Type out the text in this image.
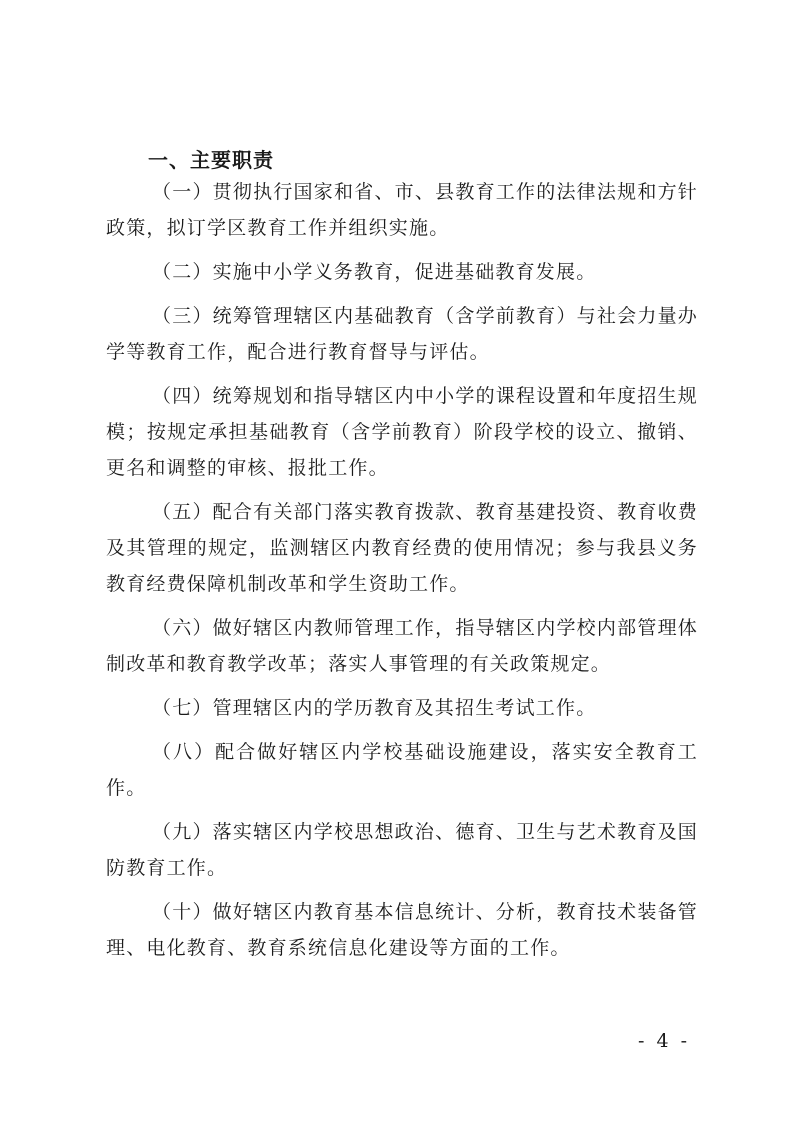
一、主要职责

（一）贯彻执行国家和省、市、县教育工作的法律法规和方针政策，拟订学区教育工作并组织实施。

（二）实施中小学义务教育，促进基础教育发展。

（三）统筹管理辖区内基础教育（含学前教育）与社会力量办学等教育工作，配合进行教育督导与评估。

（四）统筹规划和指导辖区内中小学的课程设置和年度招生规模；按规定承担基础教育（含学前教育）阶段学校的设立、撤销、更名和调整的审核、报批工作。

（五）配合有关部门落实教育拨款、教育基建投资、教育收费及其管理的规定，监测辖区内教育经费的使用情况；参与我县义务教育经费保障机制改革和学生资助工作。

（六）做好辖区内教师管理工作，指导辖区内学校内部管理体制改革和教育教学改革；落实人事管理的有关政策规定。

（七）管理辖区内的学历教育及其招生考试工作。

（八）配合做好辖区内学校基础设施建设，落实安全教育工作。

（九）落实辖区内学校思想政治、德育、卫生与艺术教育及国防教育工作。

（十）做好辖区内教育基本信息统计、分析，教育技术装备管理、电化教育、教育系统信息化建设等方面的工作。

- 4 -
